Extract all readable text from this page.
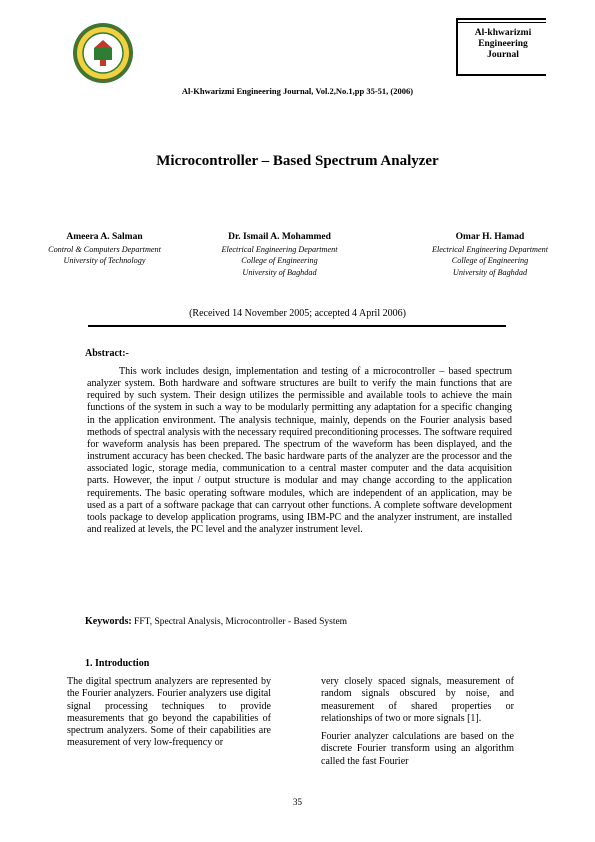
Al-khwarizmi
Engineering
Journal
Al-Khwarizmi Engineering Journal, Vol.2,No.1,pp 35-51, (2006)
Microcontroller – Based Spectrum Analyzer
Ameera A. Salman
Control & Computers Department
University of Technology
Dr. Ismail A. Mohammed
Electrical Engineering Department
College of Engineering
University of Baghdad
Omar H. Hamad
Electrical Engineering Department
College of Engineering
University of Baghdad
(Received 14 November 2005; accepted 4 April 2006)
Abstract:-
This work includes design, implementation and testing of a microcontroller – based spectrum analyzer system. Both hardware and software structures are built to verify the main functions that are required by such system. Their design utilizes the permissible and available tools to achieve the main functions of the system in such a way to be modularly permitting any adaptation for a specific changing in the application environment. The analysis technique, mainly, depends on the Fourier analysis based methods of spectral analysis with the necessary required preconditioning processes. The software required for waveform analysis has been prepared. The spectrum of the waveform has been displayed, and the instrument accuracy has been checked. The basic hardware parts of the analyzer are the processor and the associated logic, storage media, communication to a central master computer and the data acquisition parts. However, the input / output structure is modular and may change according to the application requirements. The basic operating software modules, which are independent of an application, may be used as a part of a software package that can carryout other functions. A complete software development tools package to develop application programs, using IBM-PC and the analyzer instrument, are installed and realized at levels, the PC level and the analyzer instrument level.
Keywords: FFT, Spectral Analysis, Microcontroller - Based System
1. Introduction

The digital spectrum analyzers are represented by the Fourier analyzers. Fourier analyzers use digital signal processing techniques to provide measurements that go beyond the capabilities of spectrum analyzers. Some of their capabilities are measurement of very low-frequency or

very closely spaced signals, measurement of random signals obscured by noise, and measurement of shared properties or relationships of two or more signals [1].

Fourier analyzer calculations are based on the discrete Fourier transform using an algorithm called the fast Fourier

35
